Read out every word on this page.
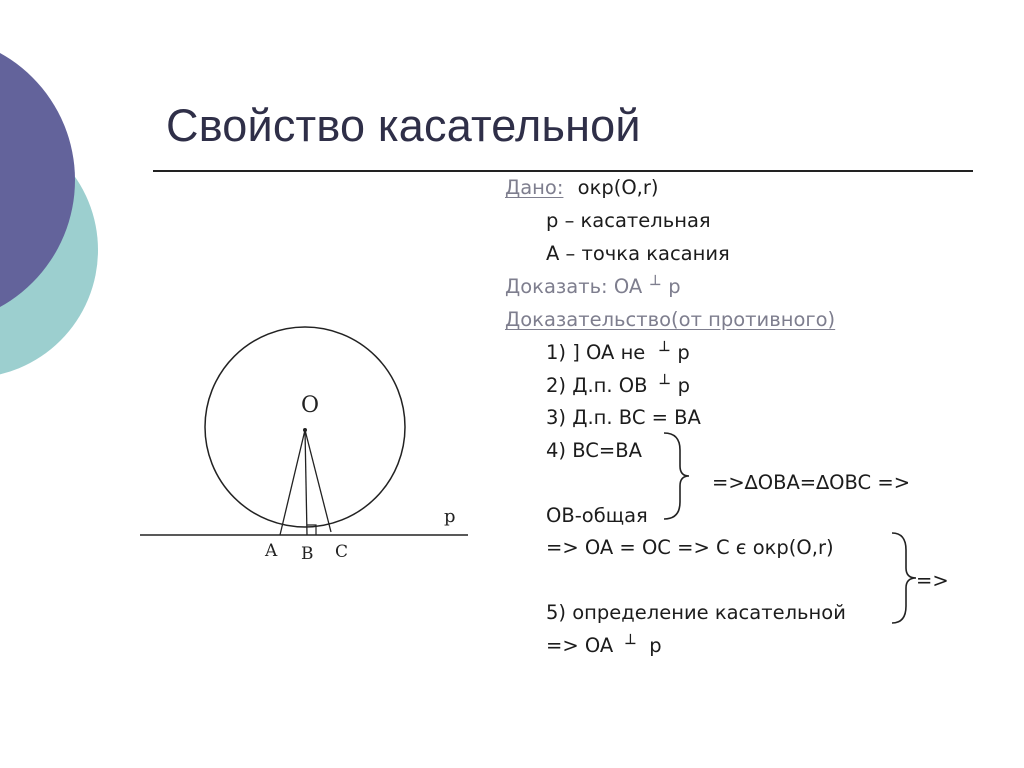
Свойство касательной
O
A B C
p
Дано: окр(O,r)
p – касательная
A – точка касания
Доказать: OA ┴ p
Доказательство(от противного)
1) ] OA не ┴ p
2) Д.п. OB ┴ p
3) Д.п. BC = BA
4) BC=BA
=>∆OBA=∆OBC =>
OB-общая
=> OA = OC => C є окр(O,r)
=>
5) определение касательной
=> OA ┴ p
